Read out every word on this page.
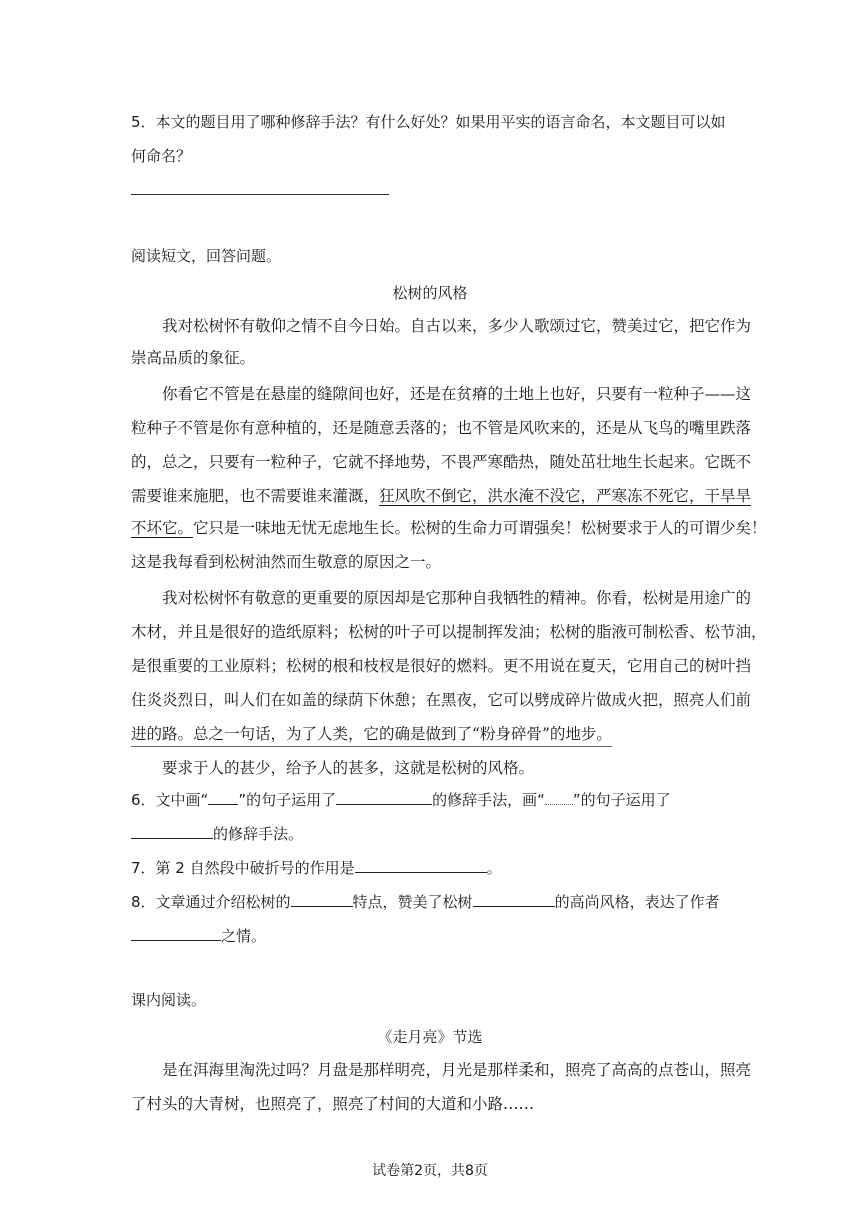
5．本文的题目用了哪种修辞手法？有什么好处？如果用平实的语言命名，本文题目可以如
何命名？
阅读短文，回答问题。
松树的风格
我对松树怀有敬仰之情不自今日始。自古以来，多少人歌颂过它，赞美过它，把它作为
崇高品质的象征。
你看它不管是在悬崖的缝隙间也好，还是在贫瘠的土地上也好，只要有一粒种子——这
粒种子不管是你有意种植的，还是随意丢落的；也不管是风吹来的，还是从飞鸟的嘴里跌落
的，总之，只要有一粒种子，它就不择地势，不畏严寒酷热，随处茁壮地生长起来。它既不
需要谁来施肥，也不需要谁来灌溉，狂风吹不倒它，洪水淹不没它，严寒冻不死它，干旱旱
不坏它。它只是一味地无忧无虑地生长。松树的生命力可谓强矣！松树要求于人的可谓少矣！
这是我每看到松树油然而生敬意的原因之一。
我对松树怀有敬意的更重要的原因却是它那种自我牺牲的精神。你看，松树是用途广的
木材，并且是很好的造纸原料；松树的叶子可以提制挥发油；松树的脂液可制松香、松节油，
是很重要的工业原料；松树的根和枝杈是很好的燃料。更不用说在夏天，它用自己的树叶挡
住炎炎烈日，叫人们在如盖的绿荫下休憩；在黑夜，它可以劈成碎片做成火把，照亮人们前
进的路。总之一句话，为了人类，它的确是做到了“粉身碎骨”的地步。
要求于人的甚少，给予人的甚多，这就是松树的风格。
6．文中画“ ”的句子运用了	的修辞手法，画“ ”的句子运用了
的修辞手法。
7．第 2 自然段中破折号的作用是	。
8．文章通过介绍松树的	特点，赞美了松树	的高尚风格，表达了作者
之情。
课内阅读。
《走月亮》节选
是在洱海里淘洗过吗？月盘是那样明亮，月光是那样柔和，照亮了高高的点苍山，照亮
了村头的大青树，也照亮了，照亮了村间的大道和小路……
试卷第2页，共8页
